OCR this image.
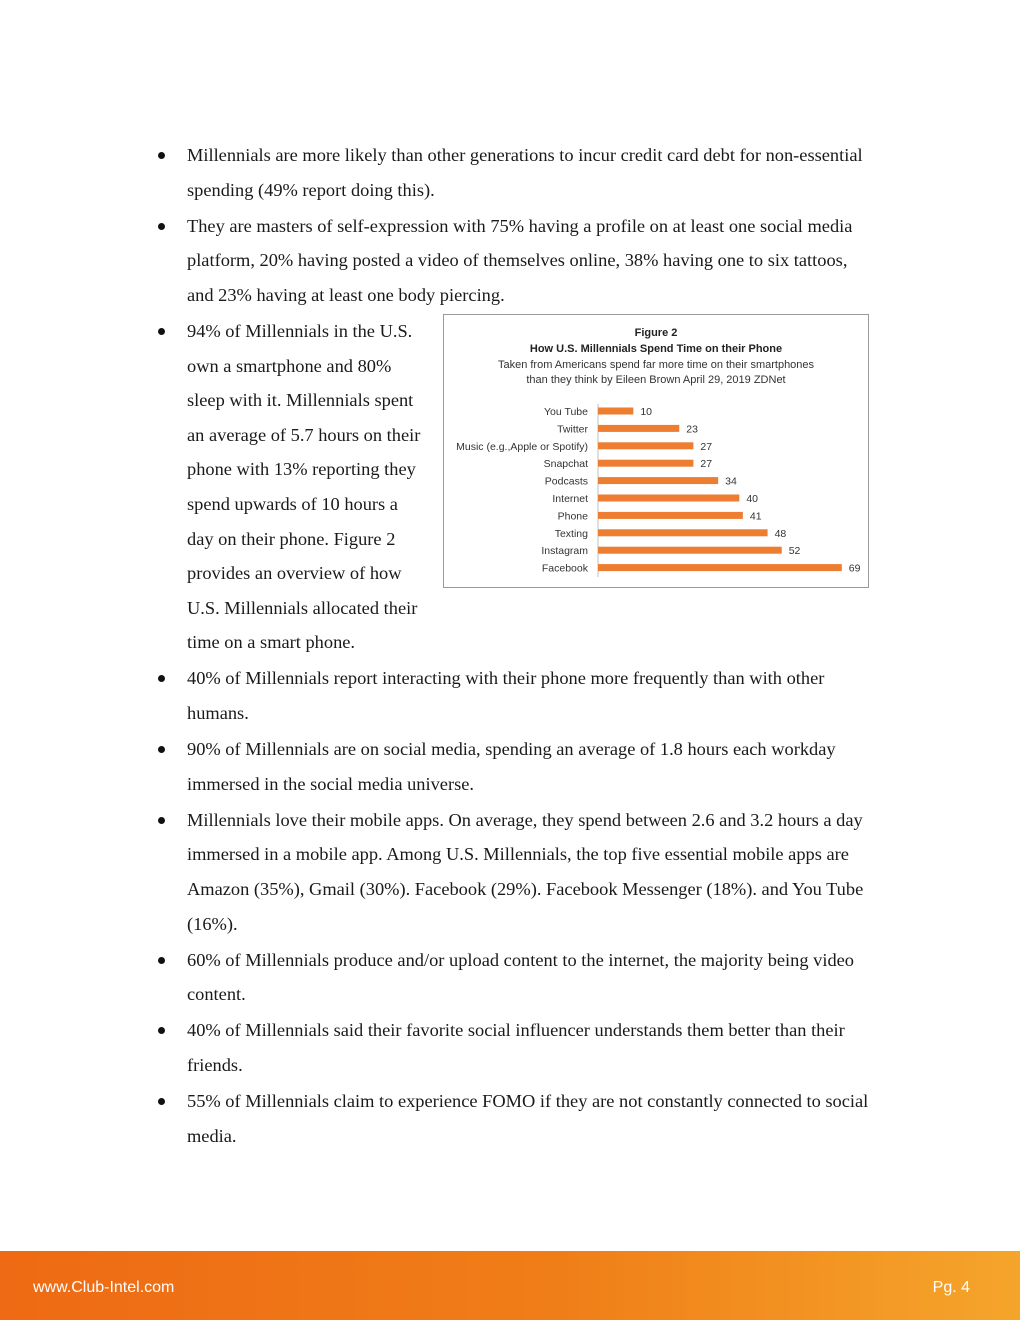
Millennials are more likely than other generations to incur credit card debt for non-essential spending (49% report doing this).
They are masters of self-expression with 75% having a profile on at least one social media platform, 20% having posted a video of themselves online, 38% having one to six tattoos, and 23% having at least one body piercing.
Figure 2
How U.S. Millennials Spend Time on their Phone
Taken from Americans spend far more time on their smartphones
than they think by Eileen Brown April 29, 2019 ZDNet
You Tube	10
Twitter	23
Music (e.g.,Apple or Spotify)	27
Snapchat	27
Podcasts	34
Internet	40
Phone	41
Texting	48
Instagram	52
Facebook	69
94% of Millennials in the U.S. own a smartphone and 80% sleep with it. Millennials spent an average of 5.7 hours on their phone with 13% reporting they spend upwards of 10 hours a day on their phone. Figure 2 provides an overview of how U.S. Millennials allocated their time on a smart phone.
40% of Millennials report interacting with their phone more frequently than with other humans.
90% of Millennials are on social media, spending an average of 1.8 hours each workday immersed in the social media universe.
Millennials love their mobile apps. On average, they spend between 2.6 and 3.2 hours a day immersed in a mobile app. Among U.S. Millennials, the top five essential mobile apps are Amazon (35%), Gmail (30%). Facebook (29%). Facebook Messenger (18%). and You Tube (16%).
60% of Millennials produce and/or upload content to the internet, the majority being video content.
40% of Millennials said their favorite social influencer understands them better than their friends.
55% of Millennials claim to experience FOMO if they are not constantly connected to social media.
www.Club-Intel.com	Pg. 4
